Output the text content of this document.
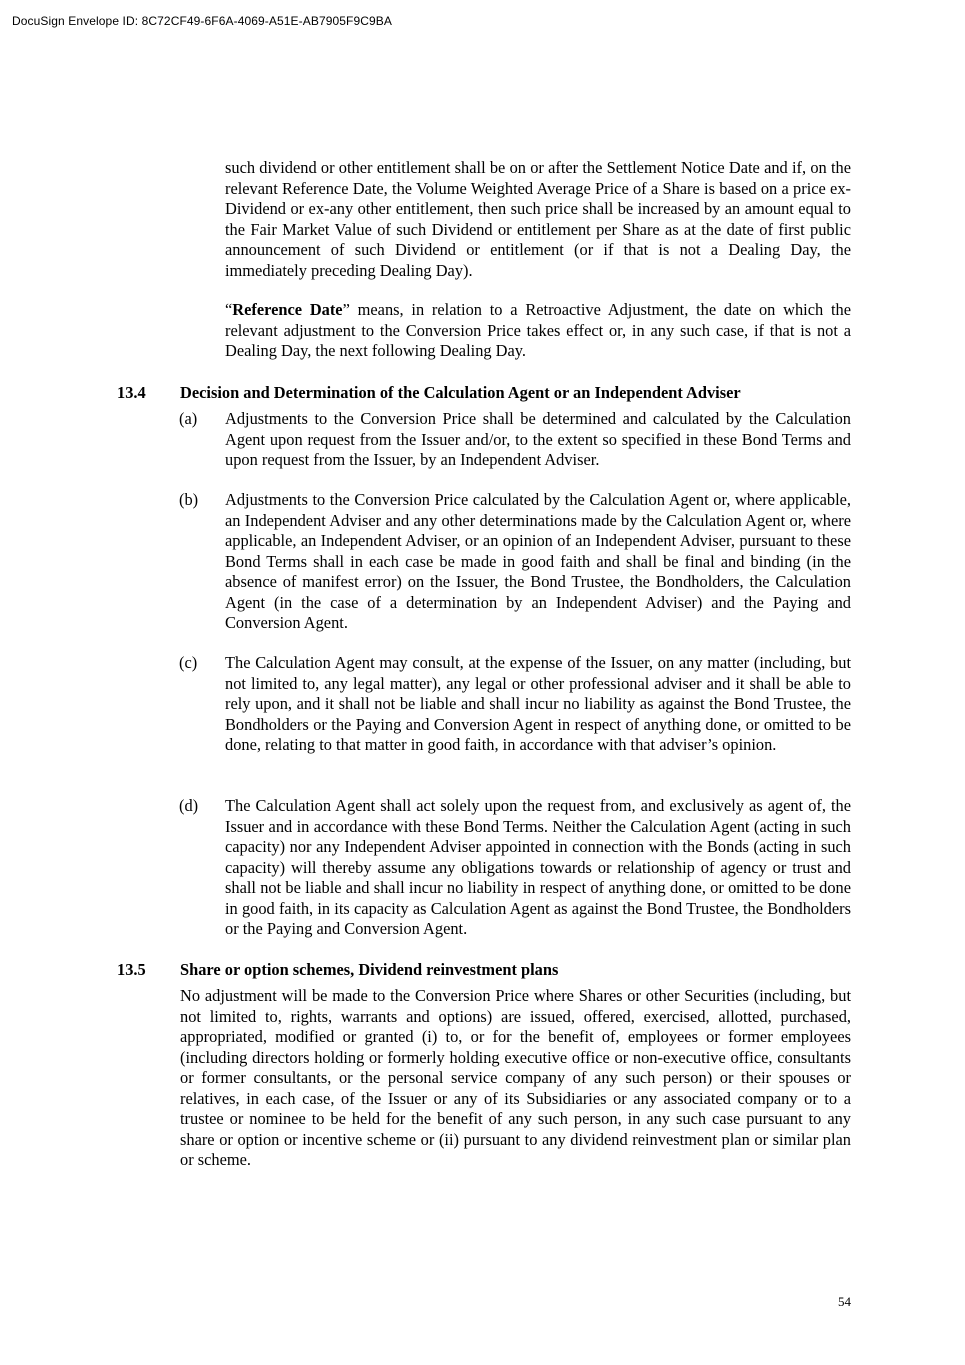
DocuSign Envelope ID: 8C72CF49-6F6A-4069-A51E-AB7905F9C9BA

such dividend or other entitlement shall be on or after the Settlement Notice Date and if, on the relevant Reference Date, the Volume Weighted Average Price of a Share is based on a price ex-Dividend or ex-any other entitlement, then such price shall be increased by an amount equal to the Fair Market Value of such Dividend or entitlement per Share as at the date of first public announcement of such Dividend or entitlement (or if that is not a Dealing Day, the immediately preceding Dealing Day).

“Reference Date” means, in relation to a Retroactive Adjustment, the date on which the relevant adjustment to the Conversion Price takes effect or, in any such case, if that is not a Dealing Day, the next following Dealing Day.

13.4 Decision and Determination of the Calculation Agent or an Independent Adviser
(a) Adjustments to the Conversion Price shall be determined and calculated by the Calculation Agent upon request from the Issuer and/or, to the extent so specified in these Bond Terms and upon request from the Issuer, by an Independent Adviser.

(b) Adjustments to the Conversion Price calculated by the Calculation Agent or, where applicable, an Independent Adviser and any other determinations made by the Calculation Agent or, where applicable, an Independent Adviser, or an opinion of an Independent Adviser, pursuant to these Bond Terms shall in each case be made in good faith and shall be final and binding (in the absence of manifest error) on the Issuer, the Bond Trustee, the Bondholders, the Calculation Agent (in the case of a determination by an Independent Adviser) and the Paying and Conversion Agent.

(c) The Calculation Agent may consult, at the expense of the Issuer, on any matter (including, but not limited to, any legal matter), any legal or other professional adviser and it shall be able to rely upon, and it shall not be liable and shall incur no liability as against the Bond Trustee, the Bondholders or the Paying and Conversion Agent in respect of anything done, or omitted to be done, relating to that matter in good faith, in accordance with that adviser’s opinion.

(d) The Calculation Agent shall act solely upon the request from, and exclusively as agent of, the Issuer and in accordance with these Bond Terms. Neither the Calculation Agent (acting in such capacity) nor any Independent Adviser appointed in connection with the Bonds (acting in such capacity) will thereby assume any obligations towards or relationship of agency or trust and shall not be liable and shall incur no liability in respect of anything done, or omitted to be done in good faith, in its capacity as Calculation Agent as against the Bond Trustee, the Bondholders or the Paying and Conversion Agent.

13.5 Share or option schemes, Dividend reinvestment plans

No adjustment will be made to the Conversion Price where Shares or other Securities (including, but not limited to, rights, warrants and options) are issued, offered, exercised, allotted, purchased, appropriated, modified or granted (i) to, or for the benefit of, employees or former employees (including directors holding or formerly holding executive office or non-executive office, consultants or former consultants, or the personal service company of any such person) or their spouses or relatives, in each case, of the Issuer or any of its Subsidiaries or any associated company or to a trustee or nominee to be held for the benefit of any such person, in any such case pursuant to any share or option or incentive scheme or (ii) pursuant to any dividend reinvestment plan or similar plan or scheme.

54
